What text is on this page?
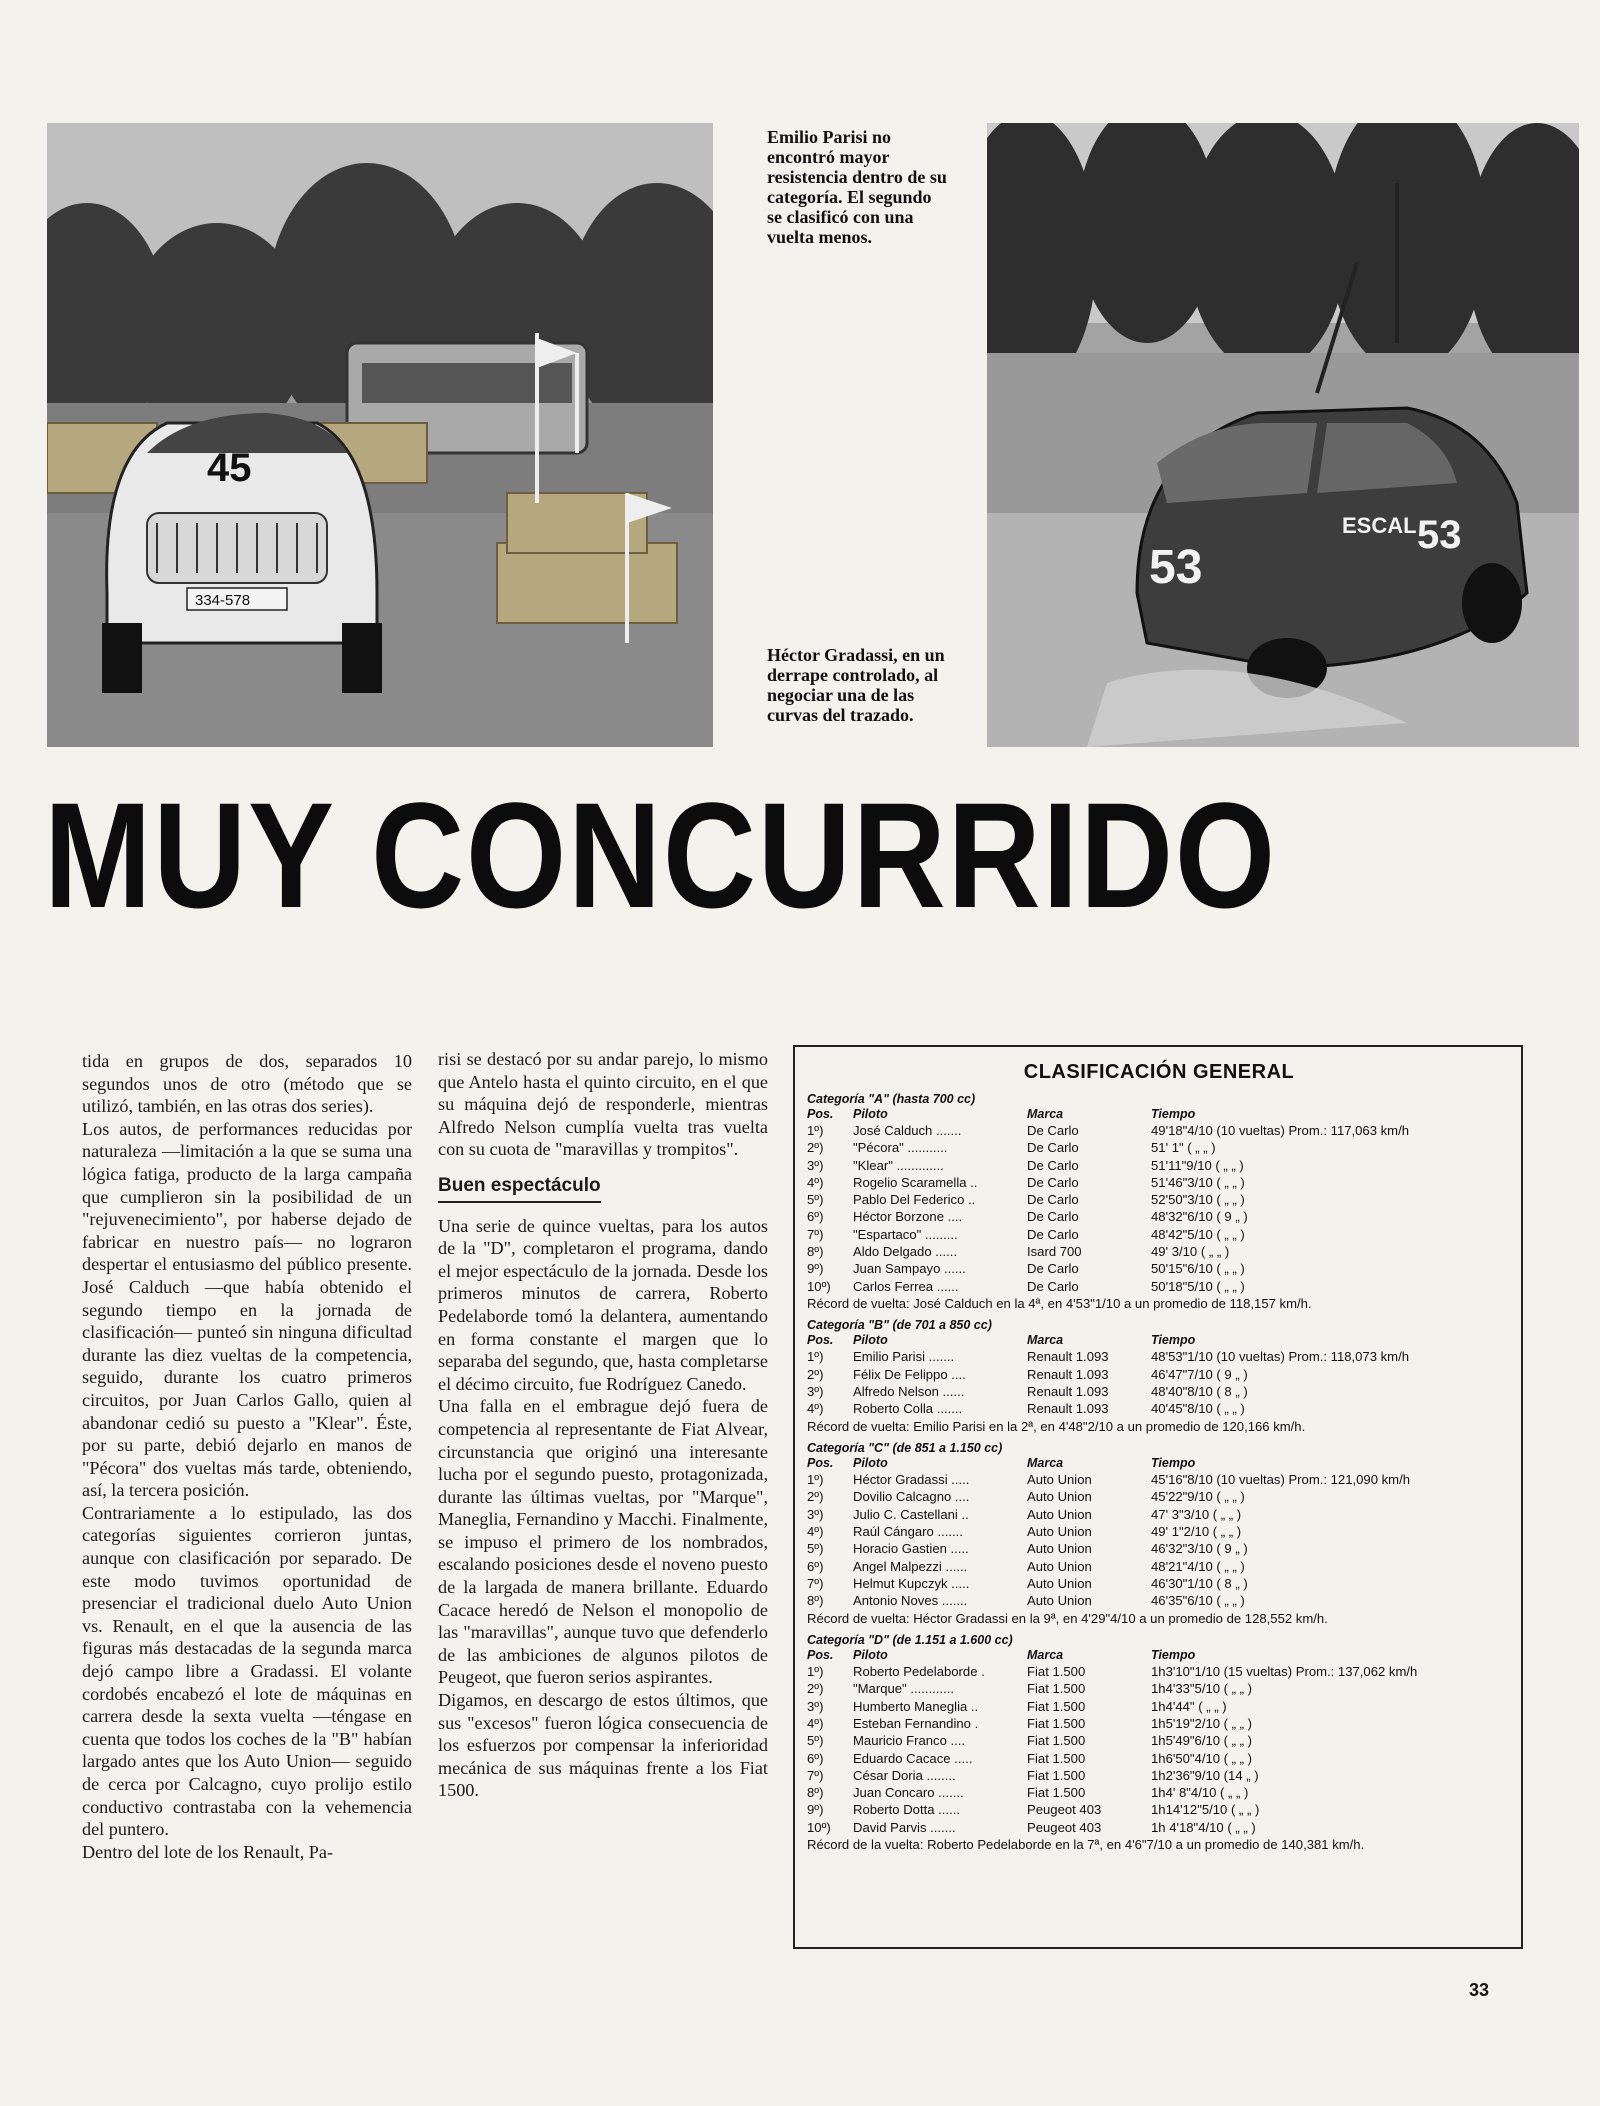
45
334-578
53
53
ESCAL
Emilio Parisi no encontró mayor resistencia dentro de su categoría. El segundo se clasificó con una vuelta menos.
Héctor Gradassi, en un derrape controlado, al negociar una de las curvas del trazado.
MUY CONCURRIDO

tida en grupos de dos, separados 10 segundos unos de otro (método que se utilizó, también, en las otras dos series).

Los autos, de performances reducidas por naturaleza —limitación a la que se suma una lógica fatiga, producto de la larga campaña que cumplieron sin la posibilidad de un "rejuvenecimiento", por haberse dejado de fabricar en nuestro país— no lograron despertar el entusiasmo del público presente. José Calduch —que había obtenido el segundo tiempo en la jornada de clasificación— punteó sin ninguna dificultad durante las diez vueltas de la competencia, seguido, durante los cuatro primeros circuitos, por Juan Carlos Gallo, quien al abandonar cedió su puesto a "Klear". Éste, por su parte, debió dejarlo en manos de "Pécora" dos vueltas más tarde, obteniendo, así, la tercera posición.

Contrariamente a lo estipulado, las dos categorías siguientes corrieron juntas, aunque con clasificación por separado. De este modo tuvimos oportunidad de presenciar el tradicional duelo Auto Union vs. Renault, en el que la ausencia de las figuras más destacadas de la segunda marca dejó campo libre a Gradassi. El volante cordobés encabezó el lote de máquinas en carrera desde la sexta vuelta —téngase en cuenta que todos los coches de la "B" habían largado antes que los Auto Union— seguido de cerca por Calcagno, cuyo prolijo estilo conductivo contrastaba con la vehemencia del puntero.

Dentro del lote de los Renault, Pa-

risi se destacó por su andar parejo, lo mismo que Antelo hasta el quinto circuito, en el que su máquina dejó de responderle, mientras Alfredo Nelson cumplía vuelta tras vuelta con su cuota de "maravillas y trompitos".

Buen espectáculo

Una serie de quince vueltas, para los autos de la "D", completaron el programa, dando el mejor espectáculo de la jornada. Desde los primeros minutos de carrera, Roberto Pedelaborde tomó la delantera, aumentando en forma constante el margen que lo separaba del segundo, que, hasta completarse el décimo circuito, fue Rodríguez Canedo.

Una falla en el embrague dejó fuera de competencia al representante de Fiat Alvear, circunstancia que originó una interesante lucha por el segundo puesto, protagonizada, durante las últimas vueltas, por "Marque", Maneglia, Fernandino y Macchi. Finalmente, se impuso el primero de los nombrados, escalando posiciones desde el noveno puesto de la largada de manera brillante. Eduardo Cacace heredó de Nelson el monopolio de las "maravillas", aunque tuvo que defenderlo de las ambiciones de algunos pilotos de Peugeot, que fueron serios aspirantes.

Digamos, en descargo de estos últimos, que sus "excesos" fueron lógica consecuencia de los esfuerzos por compensar la inferioridad mecánica de sus máquinas frente a los Fiat 1500.

CLASIFICACIÓN GENERAL
Categoría "A" (hasta 700 cc)
Pos.	Piloto	Marca	Tiempo
1º)	José Calduch .......	De Carlo	49'18"4/10 (10 vueltas) Prom.: 117,063 km/h
2º)	"Pécora" ...........	De Carlo	51' 1" ( „ „ )
3º)	"Klear" .............	De Carlo	51'11"9/10 ( „ „ )
4º)	Rogelio Scaramella ..	De Carlo	51'46"3/10 ( „ „ )
5º)	Pablo Del Federico ..	De Carlo	52'50"3/10 ( „ „ )
6º)	Héctor Borzone ....	De Carlo	48'32"6/10 ( 9 „ )
7º)	"Espartaco" .........	De Carlo	48'42"5/10 ( „ „ )
8º)	Aldo Delgado ......	Isard 700	49' 3/10 ( „ „ )
9º)	Juan Sampayo ......	De Carlo	50'15"6/10 ( „ „ )
10º)	Carlos Ferrea ......	De Carlo	50'18"5/10 ( „ „ )
Récord de vuelta: José Calduch en la 4ª, en 4'53"1/10 a un promedio de 118,157 km/h.
Categoría "B" (de 701 a 850 cc)
Pos.	Piloto	Marca	Tiempo
1º)	Emilio Parisi .......	Renault 1.093	48'53"1/10 (10 vueltas) Prom.: 118,073 km/h
2º)	Félix De Felippo ....	Renault 1.093	46'47"7/10 ( 9 „ )
3º)	Alfredo Nelson ......	Renault 1.093	48'40"8/10 ( 8 „ )
4º)	Roberto Colla .......	Renault 1.093	40'45"8/10 ( „ „ )
Récord de vuelta: Emilio Parisi en la 2ª, en 4'48"2/10 a un promedio de 120,166 km/h.
Categoría "C" (de 851 a 1.150 cc)
Pos.	Piloto	Marca	Tiempo
1º)	Héctor Gradassi .....	Auto Union	45'16"8/10 (10 vueltas) Prom.: 121,090 km/h
2º)	Dovilio Calcagno ....	Auto Union	45'22"9/10 ( „ „ )
3º)	Julio C. Castellani ..	Auto Union	47' 3"3/10 ( „ „ )
4º)	Raúl Cángaro .......	Auto Union	49' 1"2/10 ( „ „ )
5º)	Horacio Gastien .....	Auto Union	46'32"3/10 ( 9 „ )
6º)	Angel Malpezzi ......	Auto Union	48'21"4/10 ( „ „ )
7º)	Helmut Kupczyk .....	Auto Union	46'30"1/10 ( 8 „ )
8º)	Antonio Noves .......	Auto Union	46'35"6/10 ( „ „ )
Récord de vuelta: Héctor Gradassi en la 9ª, en 4'29"4/10 a un promedio de 128,552 km/h.
Categoría "D" (de 1.151 a 1.600 cc)
Pos.	Piloto	Marca	Tiempo
1º)	Roberto Pedelaborde .	Fiat 1.500	1h3'10"1/10 (15 vueltas) Prom.: 137,062 km/h
2º)	"Marque" ............	Fiat 1.500	1h4'33"5/10 ( „ „ )
3º)	Humberto Maneglia ..	Fiat 1.500	1h4'44" ( „ „ )
4º)	Esteban Fernandino .	Fiat 1.500	1h5'19"2/10 ( „ „ )
5º)	Mauricio Franco ....	Fiat 1.500	1h5'49"6/10 ( „ „ )
6º)	Eduardo Cacace .....	Fiat 1.500	1h6'50"4/10 ( „ „ )
7º)	César Doria ........	Fiat 1.500	1h2'36"9/10 (14 „ )
8º)	Juan Concaro .......	Fiat 1.500	1h4' 8"4/10 ( „ „ )
9º)	Roberto Dotta ......	Peugeot 403	1h14'12"5/10 ( „ „ )
10º)	David Parvis .......	Peugeot 403	1h 4'18"4/10 ( „ „ )
Récord de la vuelta: Roberto Pedelaborde en la 7ª, en 4'6"7/10 a un promedio de 140,381 km/h.
33
